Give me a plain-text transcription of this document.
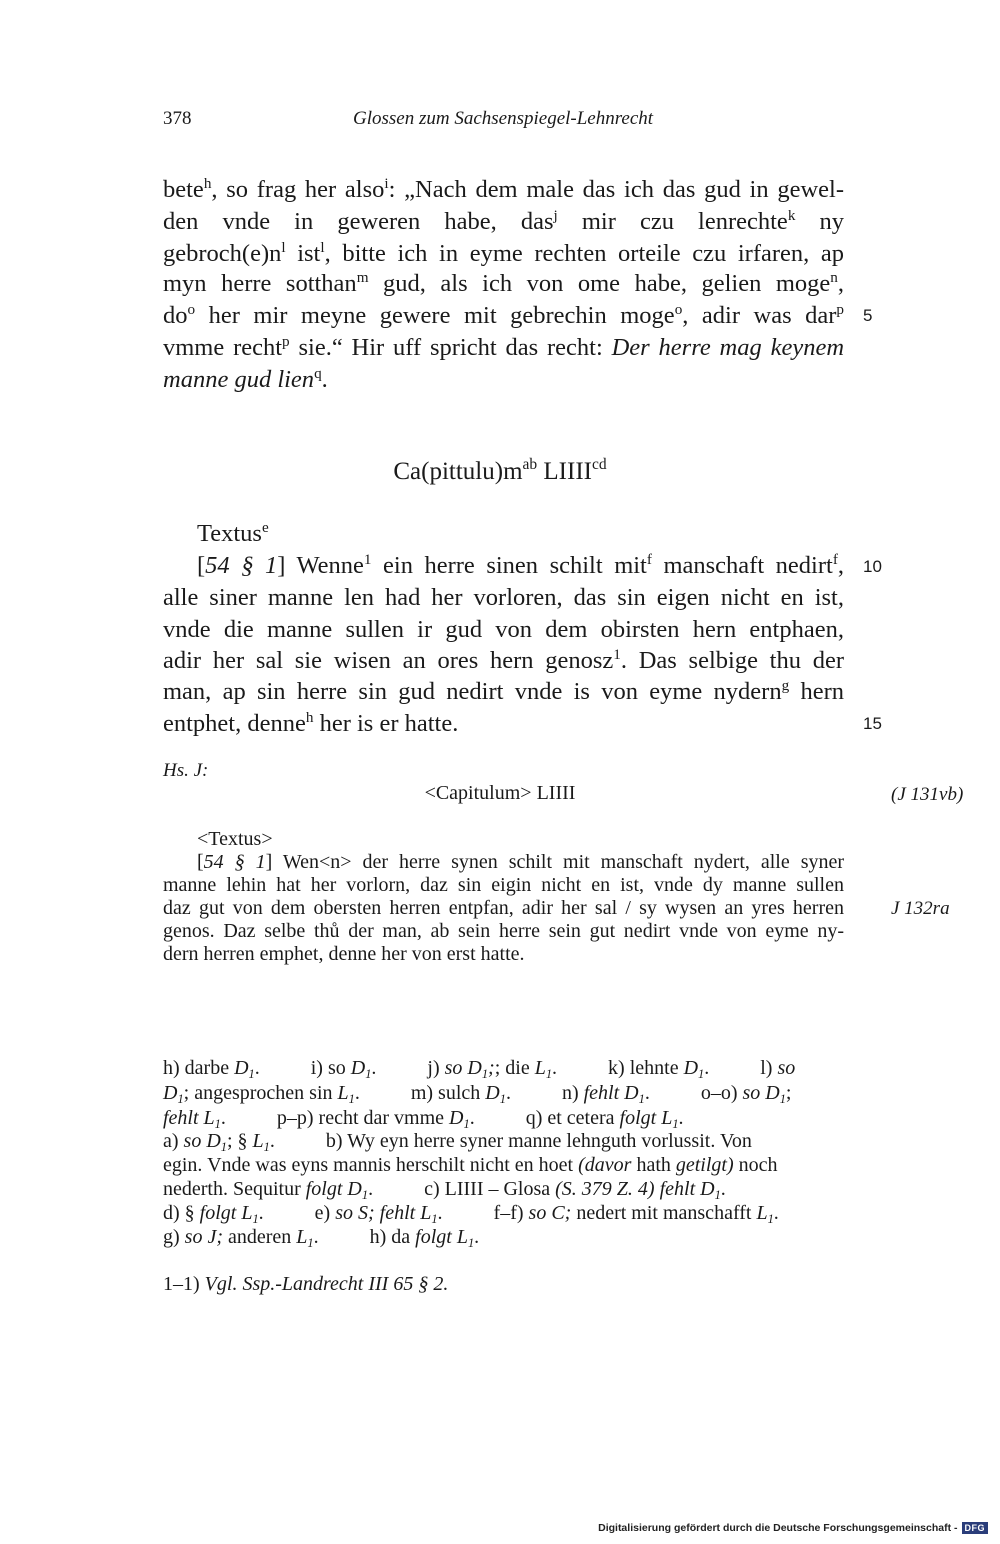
378	Glossen zum Sachsenspiegel-Lehnrecht
bete$^h$, so frag her also$^i$: „Nach dem male das ich das gud in gewel-
den vnde in geweren habe, das$^j$ mir czu lenrechte$^k$ ny
$gebroch(e)n^l$ ist$^l$, bitte ich in eyme rechten orteile czu irfaren, ap
myn herre sotthan$^m$ gud, als ich von ome habe, gelien moge$^n$,
$do^o$ her mir meyne gewere mit gebrechin moge$^o$, adir was dar$^p$ 5
vmme recht$^p$ sie.“ Hir uff spricht das recht: Der herre mag keynem
manne gud lien$^q$.
$Ca(pittulu)m^{ab}$ $LIIII^{cd}$
Textus$^e$
[54 § 1] Wenne$^1$ ein herre sinen schilt mit$^f$ manschaft nedirt$^f$, 10
alle siner manne len had her vorloren, das sin eigen nicht en ist,
vnde die manne sullen ir gud von dem obirsten hern entphaen,
adir her sal sie wisen an ores hern genosz$^1$. Das selbige thu der
man, ap sin herre sin gud nedirt vnde is von eyme nydern$^g$ hern
entphet, denne$^h$ her is er hatte.	15
Hs. J:
<Capitulum> LIIII	(J 131vb)
<Textus>
[54 § 1] Wen<n> der herre synen schilt mit manschaft nydert, alle syner
manne lehin hat her vorlorn, daz sin eigin nicht en ist, vnde dy manne sullen
daz gut von dem obersten herren entpfan, adir her sal / sy wysen an yres herren J 132ra
genos. Daz selbe thů der man, ab sein herre sein gut nedirt vnde von eyme ny-
dern herren emphet, denne her von erst hatte.
h) darbe $D_1$. i) so $D_1$. j) so $D_1$;; die $L_1$. k) lehnte $D_1$. l) so
$D_1$; angesprochen $\sin L_1$. m) sulch $D_1$. n) fehlt $D_1$. o–o) so $D_1$;
fehlt $L_1$. p–p) recht dar vmme $D_1$. q) et cetera folgt $L_1$.
a) so $D_1$; § $L_1$. b) Wy eyn herre syner manne lehnguth vorlussit. Von
egin. Vnde was eyns mannis herschilt nicht en hoet (davor hath getilgt) noch
nederth. Sequitur folgt $D_1$. c) LIIII – Glosa (S. 379 Z. 4) fehlt $D_1$.
d) § folgt $L_1$. e) so S; fehlt $L_1$. f–f) so C; nedert mit manschafft $L_1$.
g) so J; anderen $L_1$. h) da folgt $L_1$.
1–1) Vgl. Ssp.-Landrecht III 65 § 2.
Digitalisierung gefördert durch die Deutsche Forschungsgemeinschaft - DFG
